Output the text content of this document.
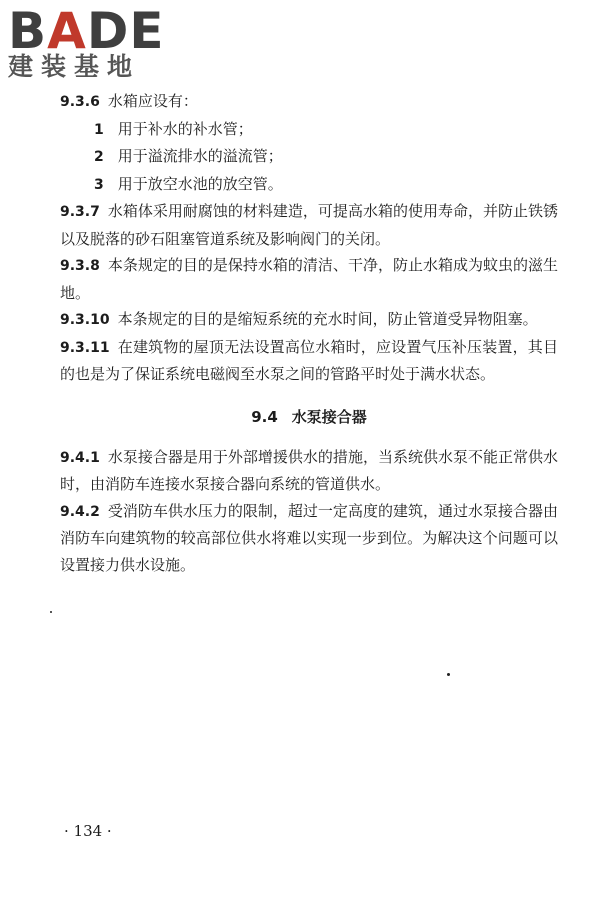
BADE
建装基地

9.3.6 水箱应设有：

1 用于补水的补水管；

2 用于溢流排水的溢流管；

3 用于放空水池的放空管。

9.3.7 水箱体采用耐腐蚀的材料建造，可提高水箱的使用寿命，并防止铁锈以及脱落的砂石阻塞管道系统及影响阀门的关闭。

9.3.8 本条规定的目的是保持水箱的清洁、干净，防止水箱成为蚊虫的滋生地。

9.3.10 本条规定的目的是缩短系统的充水时间，防止管道受异物阻塞。

9.3.11 在建筑物的屋顶无法设置高位水箱时，应设置气压补压装置，其目的也是为了保证系统电磁阀至水泵之间的管路平时处于满水状态。

9.4 水泵接合器

9.4.1 水泵接合器是用于外部增援供水的措施，当系统供水泵不能正常供水时，由消防车连接水泵接合器向系统的管道供水。

9.4.2 受消防车供水压力的限制，超过一定高度的建筑，通过水泵接合器由消防车向建筑物的较高部位供水将难以实现一步到位。为解决这个问题可以设置接力供水设施。

· 134 ·
